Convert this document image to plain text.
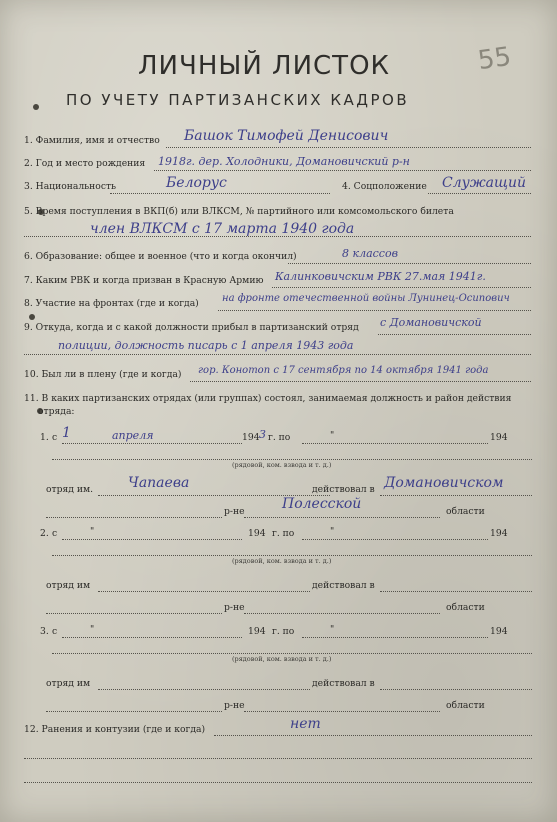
55
ЛИЧНЫЙ ЛИСТОК
ПО УЧЕТУ ПАРТИЗАНСКИХ КАДРОВ
1. Фамилия, имя и отчество Башок Тимофей Денисович
2. Год и место рождения 1918г. дер. Холодники, Домановичский р-н
3. Национальность	Белорус	4. Соцположение Служащий
5. Время поступления в ВКП(б) или ВЛКСМ, № партийного или комсомольского билета
член ВЛКСМ с 17 марта 1940 года
6. Образование: общее и военное (что и когда окончил)	8 классов
7. Каким РВК и когда призван в Красную Армию Калинковичским РВК 27.мая 1941г.
8. Участие на фронтах (где и когда) на фронте отечественной войны Лунинец-Осипович
9. Откуда, когда и с какой должности прибыл в партизанский отряд с Домановичской
полиции, должность писарь с 1 апреля 1943 года
10. Был ли в плену (где и когда) гор. Конотоп с 17 сентября по 14 октября 1941 года
11. В каких партизанских отрядах (или группах) состоял, занимаемая должность и район действия
отряда:
1. с 1	апреля	194 3 г. по	"	194
(рядовой, ком. взвода и т. д.)
отряд им. Чапаева	действовал в Домановичском
р-не	Полесской	области
2. с	"	194 г. по	"	194
(рядовой, ком. взвода и т. д.)
отряд им	действовал в
р-не	области
3. с	"	194 г. по	"	194
(рядовой, ком. взвода и т. д.)
отряд им	действовал в
р-не	области
12. Ранения и контузии (где и когда)	нет
